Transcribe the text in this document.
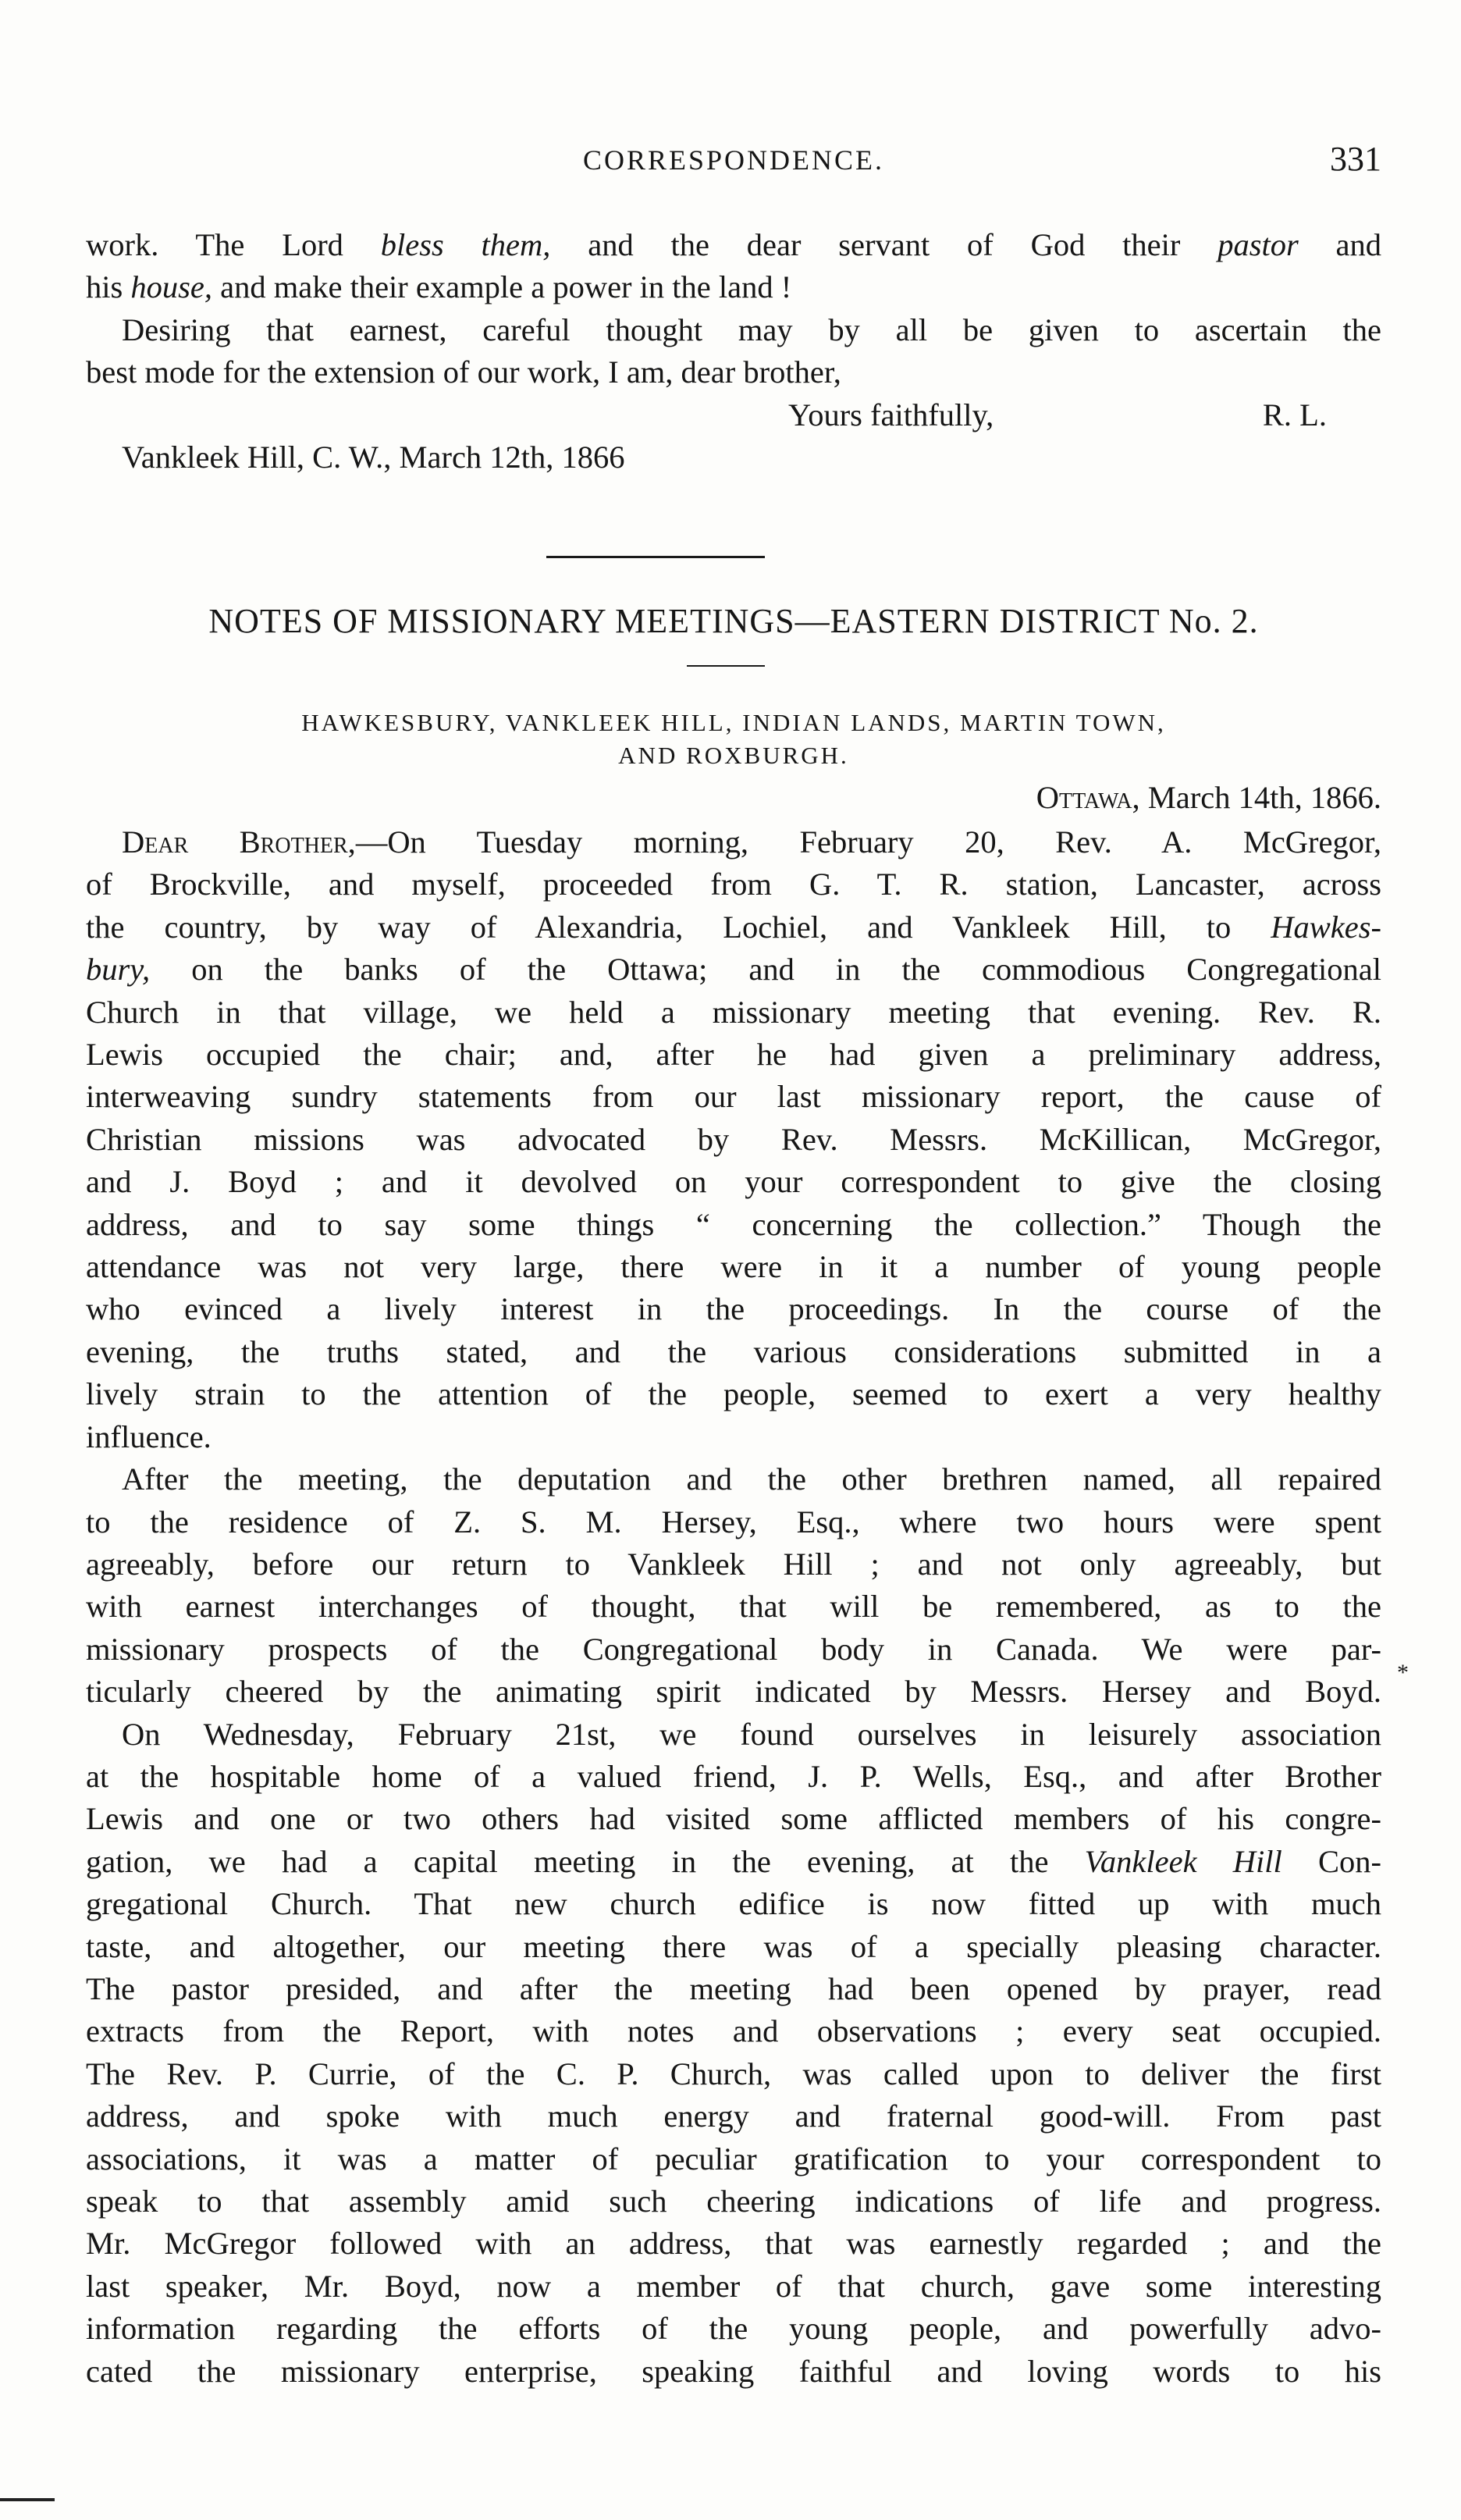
CORRESPONDENCE.	331
work. The Lord bless them, and the dear servant of God their pastor and
his house, and make their example a power in the land !
Desiring that earnest, careful thought may by all be given to ascertain the
best mode for the extension of our work, I am, dear brother,
Yours faithfully,	R. L.
Vankleek Hill, C. W., March 12th, 1866
NOTES OF MISSIONARY MEETINGS—EASTERN DISTRICT No. 2.
HAWKESBURY, VANKLEEK HILL, INDIAN LANDS, MARTIN TOWN,
AND ROXBURGH.
Ottawa, March 14th, 1866.
Dear Brother,—On Tuesday morning, February 20, Rev. A. McGregor,
of Brockville, and myself, proceeded from G. T. R. station, Lancaster, across
the country, by way of Alexandria, Lochiel, and Vankleek Hill, to Hawkes-
bury, on the banks of the Ottawa; and in the commodious Congregational
Church in that village, we held a missionary meeting that evening. Rev. R.
Lewis occupied the chair; and, after he had given a preliminary address,
interweaving sundry statements from our last missionary report, the cause of
Christian missions was advocated by Rev. Messrs. McKillican, McGregor,
and J. Boyd ; and it devolved on your correspondent to give the closing
address, and to say some things “ concerning the collection.” Though the
attendance was not very large, there were in it a number of young people
who evinced a lively interest in the proceedings. In the course of the
evening, the truths stated, and the various considerations submitted in a
lively strain to the attention of the people, seemed to exert a very healthy
influence.
After the meeting, the deputation and the other brethren named, all repaired
to the residence of Z. S. M. Hersey, Esq., where two hours were spent
agreeably, before our return to Vankleek Hill ; and not only agreeably, but
with earnest interchanges of thought, that will be remembered, as to the
missionary prospects of the Congregational body in Canada. We were par-
ticularly cheered by the animating spirit indicated by Messrs. Hersey and Boyd.
On Wednesday, February 21st, we found ourselves in leisurely association
at the hospitable home of a valued friend, J. P. Wells, Esq., and after Brother
Lewis and one or two others had visited some afflicted members of his congre-
gation, we had a capital meeting in the evening, at the Vankleek Hill Con-
gregational Church. That new church edifice is now fitted up with much
taste, and altogether, our meeting there was of a specially pleasing character.
The pastor presided, and after the meeting had been opened by prayer, read
extracts from the Report, with notes and observations ; every seat occupied.
The Rev. P. Currie, of the C. P. Church, was called upon to deliver the first
address, and spoke with much energy and fraternal good-will. From past
associations, it was a matter of peculiar gratification to your correspondent to
speak to that assembly amid such cheering indications of life and progress.
Mr. McGregor followed with an address, that was earnestly regarded ; and the
last speaker, Mr. Boyd, now a member of that church, gave some interesting
information regarding the efforts of the young people, and powerfully advo-
cated the missionary enterprise, speaking faithful and loving words to his
*
